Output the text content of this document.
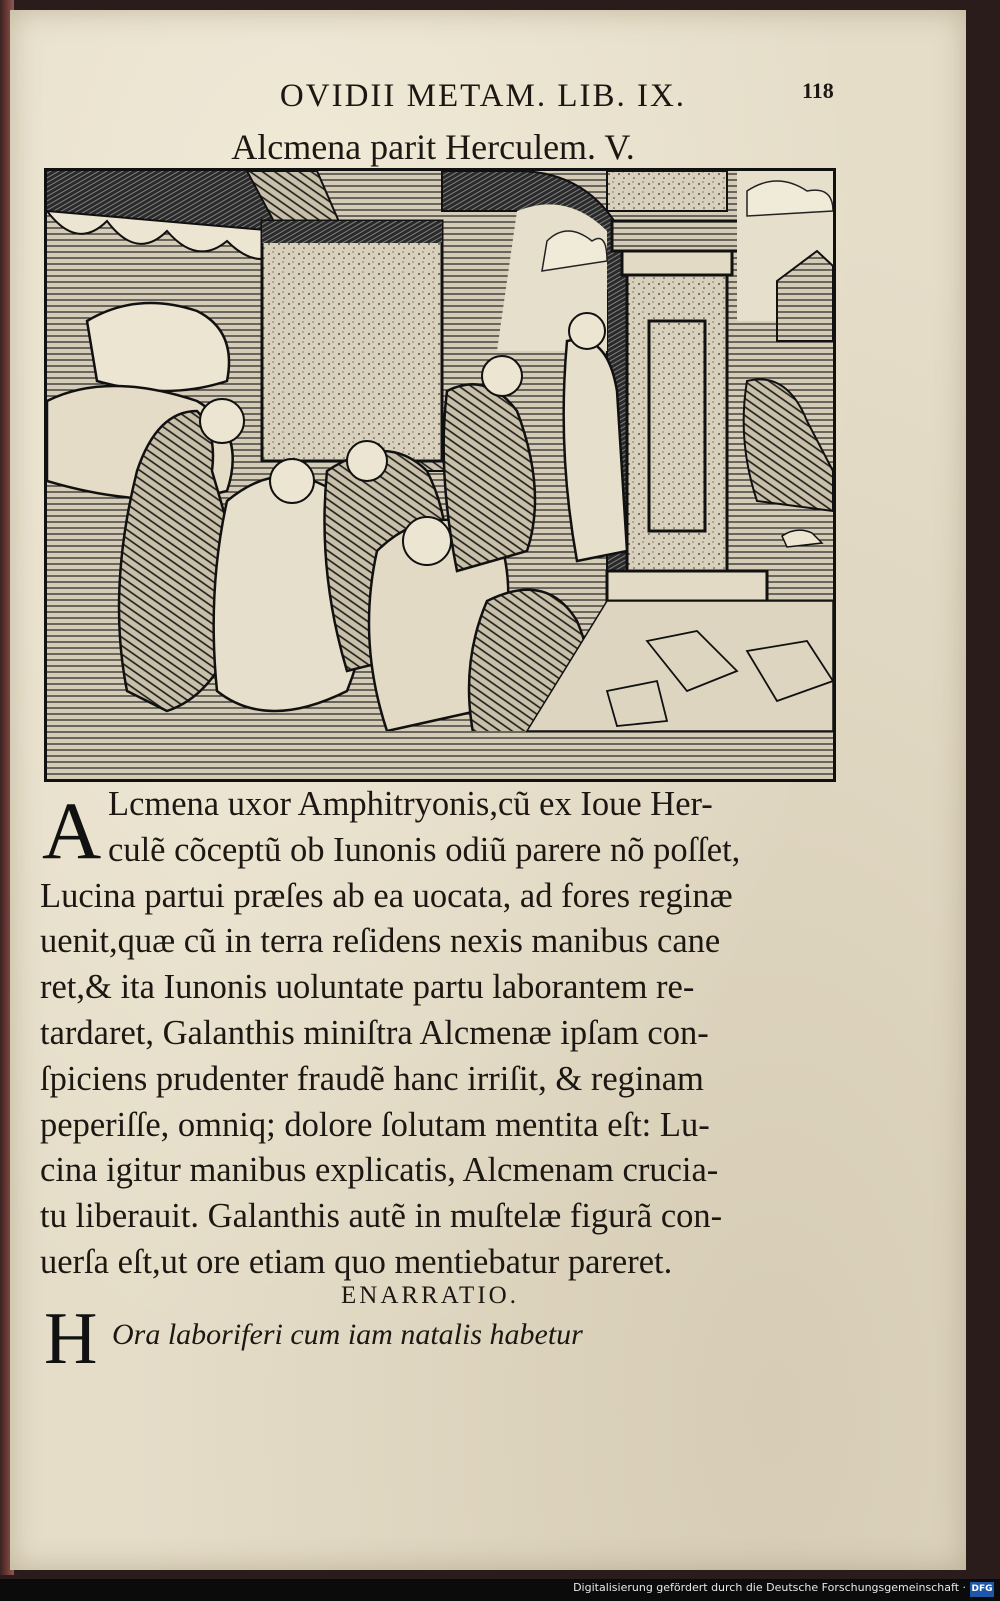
OVIDII METAM. LIB. IX.	118
Alcmena parit Herculem. V.
A Lcmena uxor Amphitryonis,cũ ex Ioue Her-
culẽ cõceptũ ob Iunonis odiũ parere nõ poſſet,
Lucina partui præſes ab ea uocata, ad fores reginæ
uenit,quæ cũ in terra reſidens nexis manibus cane
ret,& ita Iunonis uoluntate partu laborantem re-
tardaret, Galanthis miniſtra Alcmenæ ipſam con-
ſpiciens prudenter fraudẽ hanc irriſit, & reginam
peperiſſe, omniq; dolore ſolutam mentita eſt: Lu-
cina igitur manibus explicatis, Alcmenam crucia-
tu liberauit. Galanthis autẽ in muſtelæ figurã con-
uerſa eſt,ut ore etiam quo mentiebatur pareret.
ENARRATIO.
H Ora laboriferi cum iam natalis habetur
Digitalisierung gefördert durch die Deutsche Forschungsgemeinschaft · DFG
